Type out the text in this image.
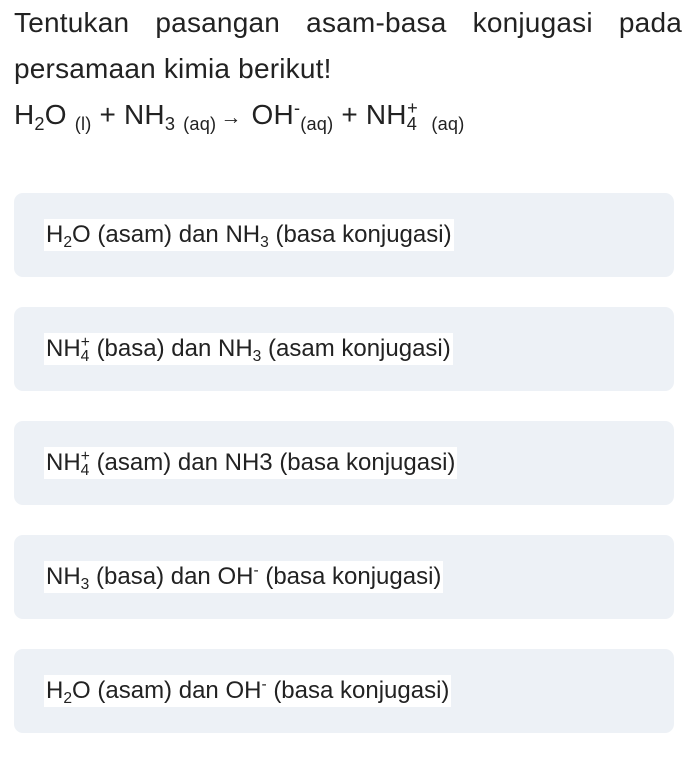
Tentukan pasangan asam-basa konjugasi pada persamaan kimia berikut!
$H_2O$ $_{(l)} + NH_3$ $_{(aq)} \to OH^-_{(aq)} + NH_4^+$ $_{(aq)}$
$H_2O$ (asam) dan $NH_3$ (basa konjugasi)
$NH_4^+$ (basa) dan $NH_3$ (asam konjugasi)
$NH_4^+$ (asam) dan NH3 (basa konjugasi)
$NH_3$ (basa) dan OH- (basa konjugasi)
$H_2O$ (asam) dan OH- (basa konjugasi)
